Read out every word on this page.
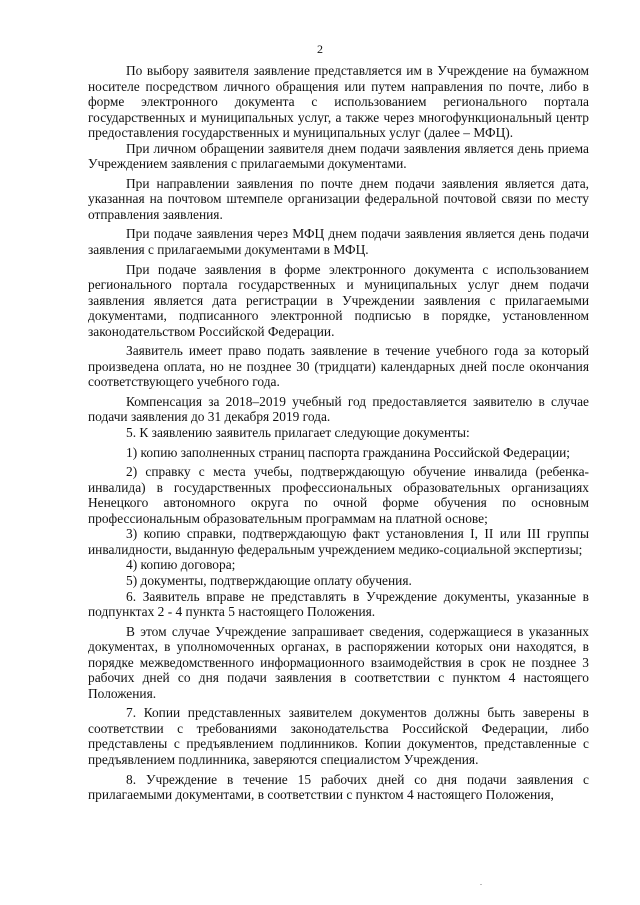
2

По выбору заявителя заявление представляется им в Учреждение на бумажном носителе посредством личного обращения или путем направления по почте, либо в форме электронного документа с использованием регионального портала государственных и муниципальных услуг, а также через многофункциональный центр предоставления государственных и муниципальных услуг (далее – МФЦ).

При личном обращении заявителя днем подачи заявления является день приема Учреждением заявления с прилагаемыми документами.

При направлении заявления по почте днем подачи заявления является дата, указанная на почтовом штемпеле организации федеральной почтовой связи по месту отправления заявления.

При подаче заявления через МФЦ днем подачи заявления является день подачи заявления с прилагаемыми документами в МФЦ.

При подаче заявления в форме электронного документа с использованием регионального портала государственных и муниципальных услуг днем подачи заявления является дата регистрации в Учреждении заявления с прилагаемыми документами, подписанного электронной подписью в порядке, установленном законодательством Российской Федерации.

Заявитель имеет право подать заявление в течение учебного года за который произведена оплата, но не позднее 30 (тридцати) календарных дней после окончания соответствующего учебного года.

Компенсация за 2018–2019 учебный год предоставляется заявителю в случае подачи заявления до 31 декабря 2019 года.

5. К заявлению заявитель прилагает следующие документы:

1) копию заполненных страниц паспорта гражданина Российской Федерации;

2) справку с места учебы, подтверждающую обучение инвалида (ребенка-инвалида) в государственных профессиональных образовательных организациях Ненецкого автономного округа по очной форме обучения по основным профессиональным образовательным программам на платной основе;

3) копию справки, подтверждающую факт установления I, II или III группы инвалидности, выданную федеральным учреждением медико-социальной экспертизы;

4) копию договора;

5) документы, подтверждающие оплату обучения.

6. Заявитель вправе не представлять в Учреждение документы, указанные в подпунктах 2 - 4 пункта 5 настоящего Положения.

В этом случае Учреждение запрашивает сведения, содержащиеся в указанных документах, в уполномоченных органах, в распоряжении которых они находятся, в порядке межведомственного информационного взаимодействия в срок не позднее 3 рабочих дней со дня подачи заявления в соответствии с пунктом 4 настоящего Положения.

7. Копии представленных заявителем документов должны быть заверены в соответствии с требованиями законодательства Российской Федерации, либо представлены с предъявлением подлинников. Копии документов, представленные с предъявлением подлинника, заверяются специалистом Учреждения.

8. Учреждение в течение 15 рабочих дней со дня подачи заявления с прилагаемыми документами, в соответствии с пунктом 4 настоящего Положения,
